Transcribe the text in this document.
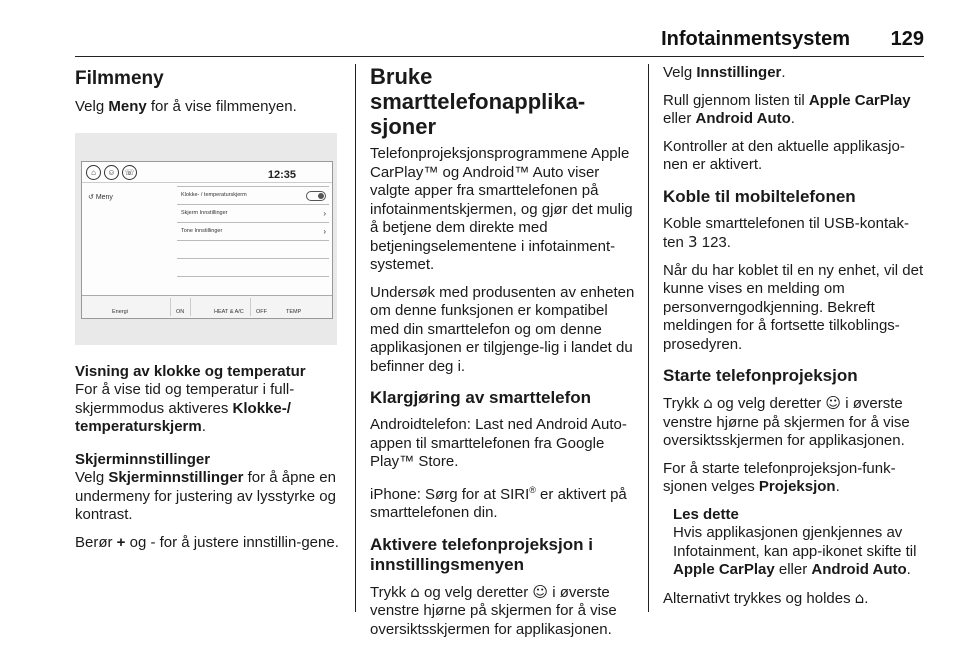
Infotainmentsystem 129
Filmmeny

Velg Meny for å vise filmmenyen.

⌂	☺	☏	12:35
↺ Meny	Klokke- / temperaturskjerm
Skjerm Innstillinger	›
Tone Innstillinger	›
Energi	ON	HEAT & A/C OFF	TEMP
Visning av klokke og temperatur

For å vise tid og temperatur i full-skjermmodus aktiveres Klokke-/ temperaturskjerm.

Skjerminnstillinger

Velg Skjerminnstillinger for å åpne en undermeny for justering av lysstyrke og kontrast.

Berør + og - for å justere innstillin-gene.

Bruke smarttelefonapplika-sjoner

Telefonprojeksjonsprogrammene Apple CarPlay™ og Android™ Auto viser valgte apper fra smarttelefonen på infotainmentskjermen, og gjør det mulig å betjene dem direkte med betjeningselementene i infotainment-systemet.

Undersøk med produsenten av enheten om denne funksjonen er kompatibel med din smarttelefon og om denne applikasjonen er tilgjenge-lig i landet du befinner deg i.

Klargjøring av smarttelefon

Androidtelefon: Last ned Android Auto-appen til smarttelefonen fra Google Play™ Store.

iPhone: Sørg for at SIRI® er aktivert på smarttelefonen din.

Aktivere telefonprojeksjon i innstillingsmenyen

Trykk ⌂ og velg deretter ☺ i øverste venstre hjørne på skjermen for å vise oversiktsskjermen for applikasjonen.

Velg Innstillinger.

Rull gjennom listen til Apple CarPlay eller Android Auto.

Kontroller at den aktuelle applikasjo-nen er aktivert.

Koble til mobiltelefonen

Koble smarttelefonen til USB-kontak-ten 3 123.

Når du har koblet til en ny enhet, vil det kunne vises en melding om personverngodkjenning. Bekreft meldingen for å fortsette tilkoblings-prosedyren.

Starte telefonprojeksjon

Trykk ⌂ og velg deretter ☺ i øverste venstre hjørne på skjermen for å vise oversiktsskjermen for applikasjonen.

For å starte telefonprojeksjon-funk-sjonen velges Projeksjon.

Les dette

Hvis applikasjonen gjenkjennes av Infotainment, kan app-ikonet skifte til Apple CarPlay eller Android Auto.

Alternativt trykkes og holdes ⌂.
